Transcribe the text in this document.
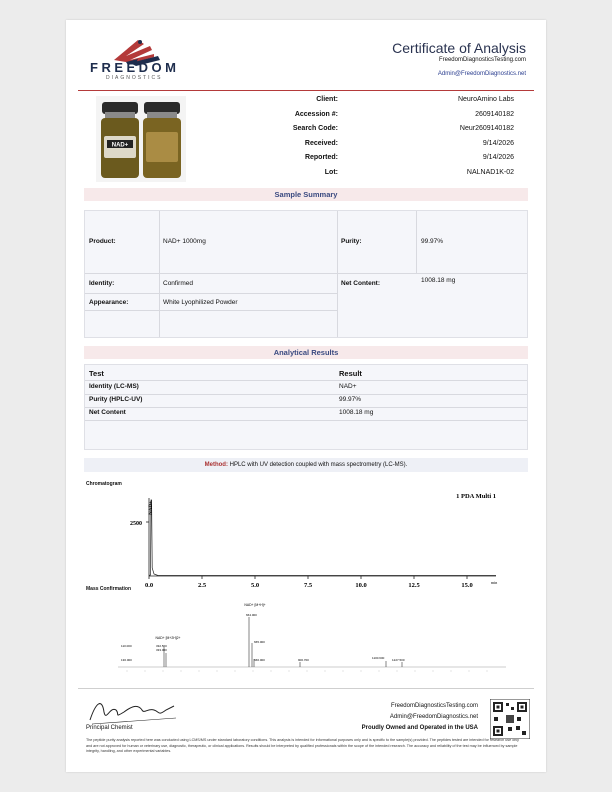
FREEDOM
DIAGNOSTICS
Certificate of Analysis
FreedomDiagnosticsTesting.com
Admin@FreedomDiagnostics.net
NAD+
Client:	NeuroAmino Labs
Accession #:	2609140182
Search Code:	Neur2609140182
Received:	9/14/2026
Reported:	9/14/2026
Lot:	NALNAD1K-02
Sample Summary
Product:	NAD+ 1000mg	Purity:	99.97%
Identity:	Confirmed	Net Content:	1008.18 mg
Appearance:	White Lyophilized Powder
Analytical Results
Test	Result
Identity (LC-MS)	NAD+
Purity (HPLC-UV)	99.97%
Net Content	1008.18 mg
Method: HPLC with UV detection coupled with mass spectrometry (LC-MS).
Chromatogram
2500
NAD+
1 PDA Multi 1
0.0	2.5	5.0	7.5	10.0	12.5	15.0	min
Mass Confirmation
NAD+ [M+H]+
NAD+ [M+2H]2+
664.000
332.500
333.000
665.000
666.000	900.700	1100.600	1227.500
110.000
130.000
Principal Chemist
FreedomDiagnosticsTesting.com
Admin@FreedomDiagnostics.net
Proudly Owned and Operated in the USA
The peptide purity analysis reported here was conducted using LCMS/MS under standard laboratory conditions. This analysis is intended for informational purposes only and is specific to the sample(s) provided. The peptides tested are intended for research use only and are not approved for human or veterinary use, diagnostic, therapeutic, or clinical applications. Results should be interpreted by qualified professionals within the scope of the intended research. The accuracy and reliability of the test may be influenced by sample integrity, handling, and other experimental variables.
